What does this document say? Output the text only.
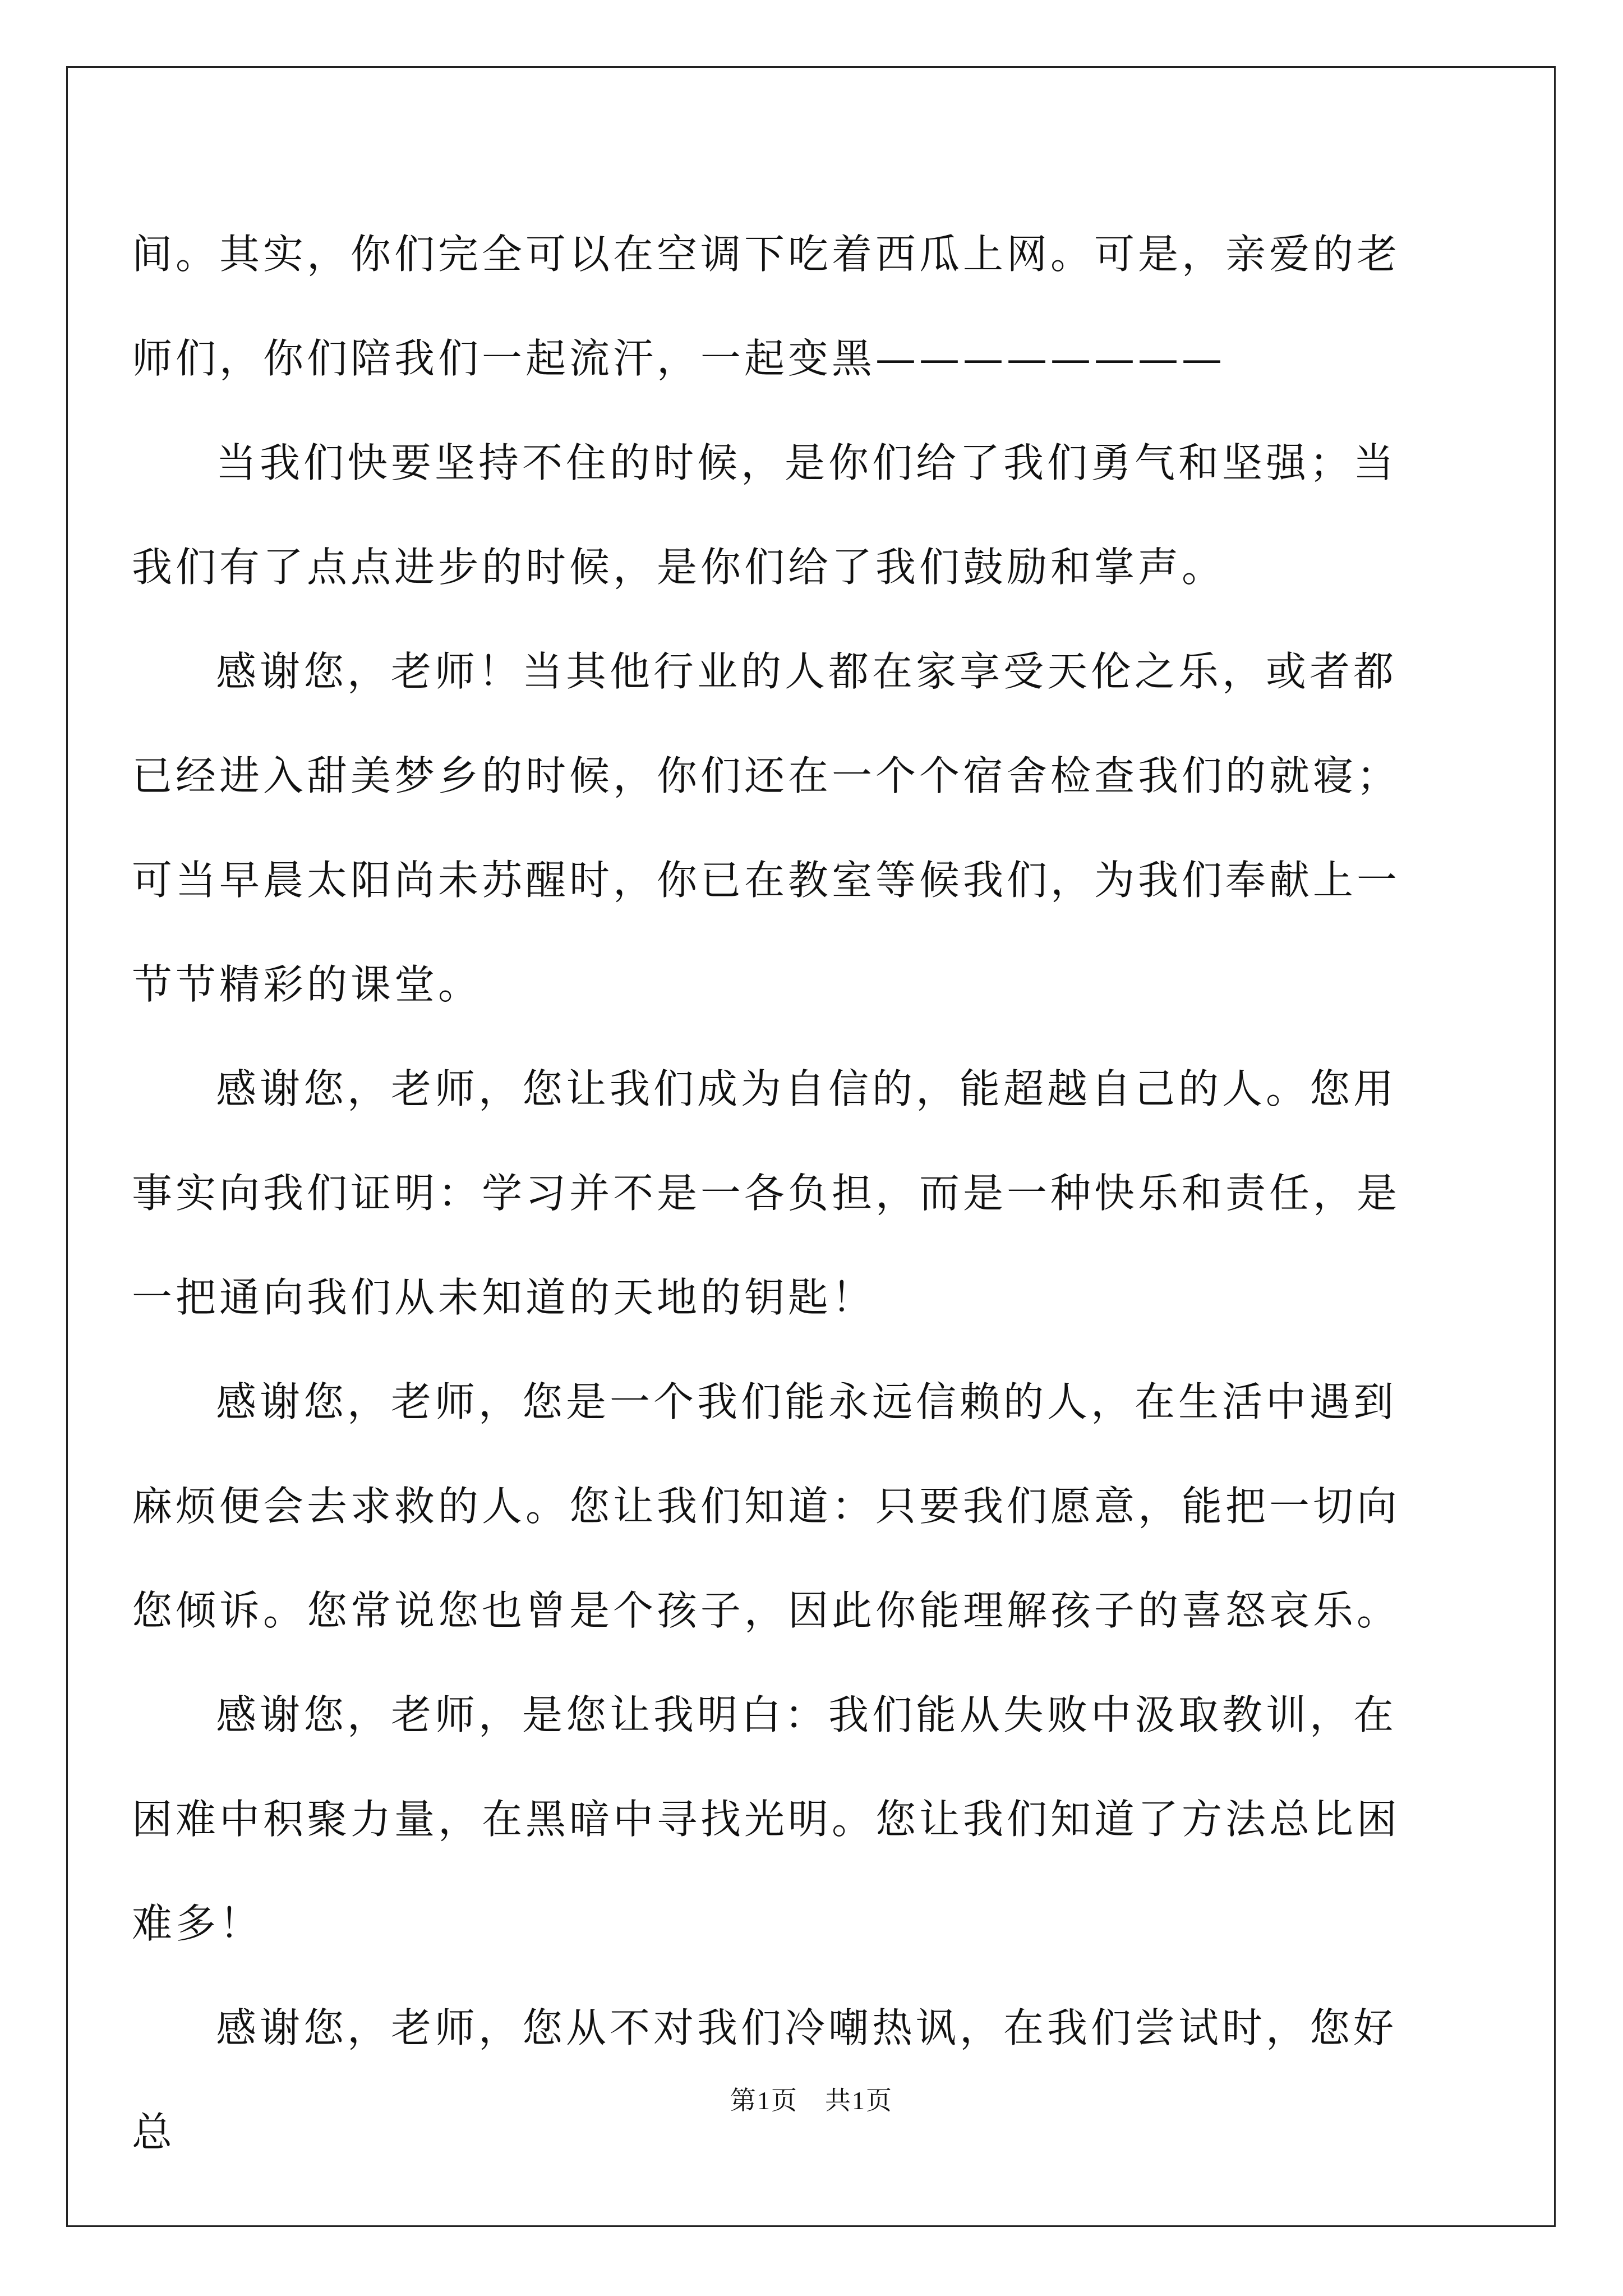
间。其实，你们完全可以在空调下吃着西瓜上网。可是，亲爱的老师们，你们陪我们一起流汗，一起变黑————————

当我们快要坚持不住的时候，是你们给了我们勇气和坚强；当我们有了点点进步的时候，是你们给了我们鼓励和掌声。

感谢您，老师！当其他行业的人都在家享受天伦之乐，或者都已经进入甜美梦乡的时候，你们还在一个个宿舍检查我们的就寝；可当早晨太阳尚未苏醒时，你已在教室等候我们，为我们奉献上一节节精彩的课堂。

感谢您，老师，您让我们成为自信的，能超越自己的人。您用事实向我们证明：学习并不是一各负担，而是一种快乐和责任，是一把通向我们从未知道的天地的钥匙！

感谢您，老师，您是一个我们能永远信赖的人，在生活中遇到麻烦便会去求救的人。您让我们知道：只要我们愿意，能把一切向您倾诉。您常说您也曾是个孩子，因此你能理解孩子的喜怒哀乐。

感谢您，老师，是您让我明白：我们能从失败中汲取教训，在困难中积聚力量，在黑暗中寻找光明。您让我们知道了方法总比困难多！

感谢您，老师，您从不对我们冷嘲热讽，在我们尝试时，您好总

第1页　共1页
